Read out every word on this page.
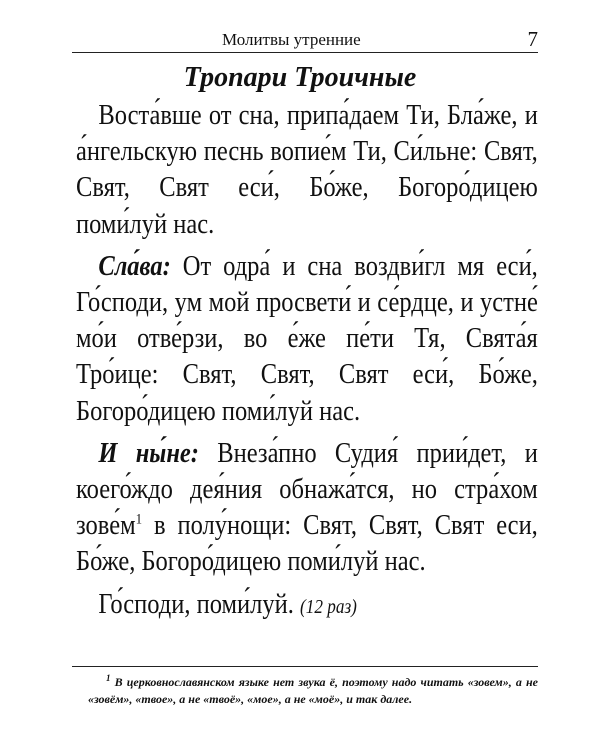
Молитвы утренние	7
Тропари Троичные

Воста́вше от сна, припа́даем Ти, Бла́же, и а́нгельскую песнь вопие́м Ти, Си́льне: Свят, Свят, Свят еси́, Бо́же, Богоро́дицею поми́луй нас.

Сла́ва: От одра́ и сна воздви́гл мя еси́, Го́споди, ум мой просвети́ и се́рдце, и устне́ мо́и отве́рзи, во е́же пе́ти Тя, Свята́я Тро́ице: Свят, Свят, Свят еси́, Бо́же, Богоро́дицею поми́луй нас.

И ны́не: Внеза́пно Судия́ прии́дет, и коего́ждо дея́ния обнажа́тся, но стра́хом $зове́м^1$ в полу́нощи: Свят, Свят, Свят еси, Бо́же, Богоро́дицею поми́луй нас.

Го́споди, поми́луй. (12 раз)

$^1$ В церковнославянском языке нет звука ё, поэтому надо читать «зовем», а не «зовём», «твое», а не «твоё», «мое», а не «моё», и так далее.
